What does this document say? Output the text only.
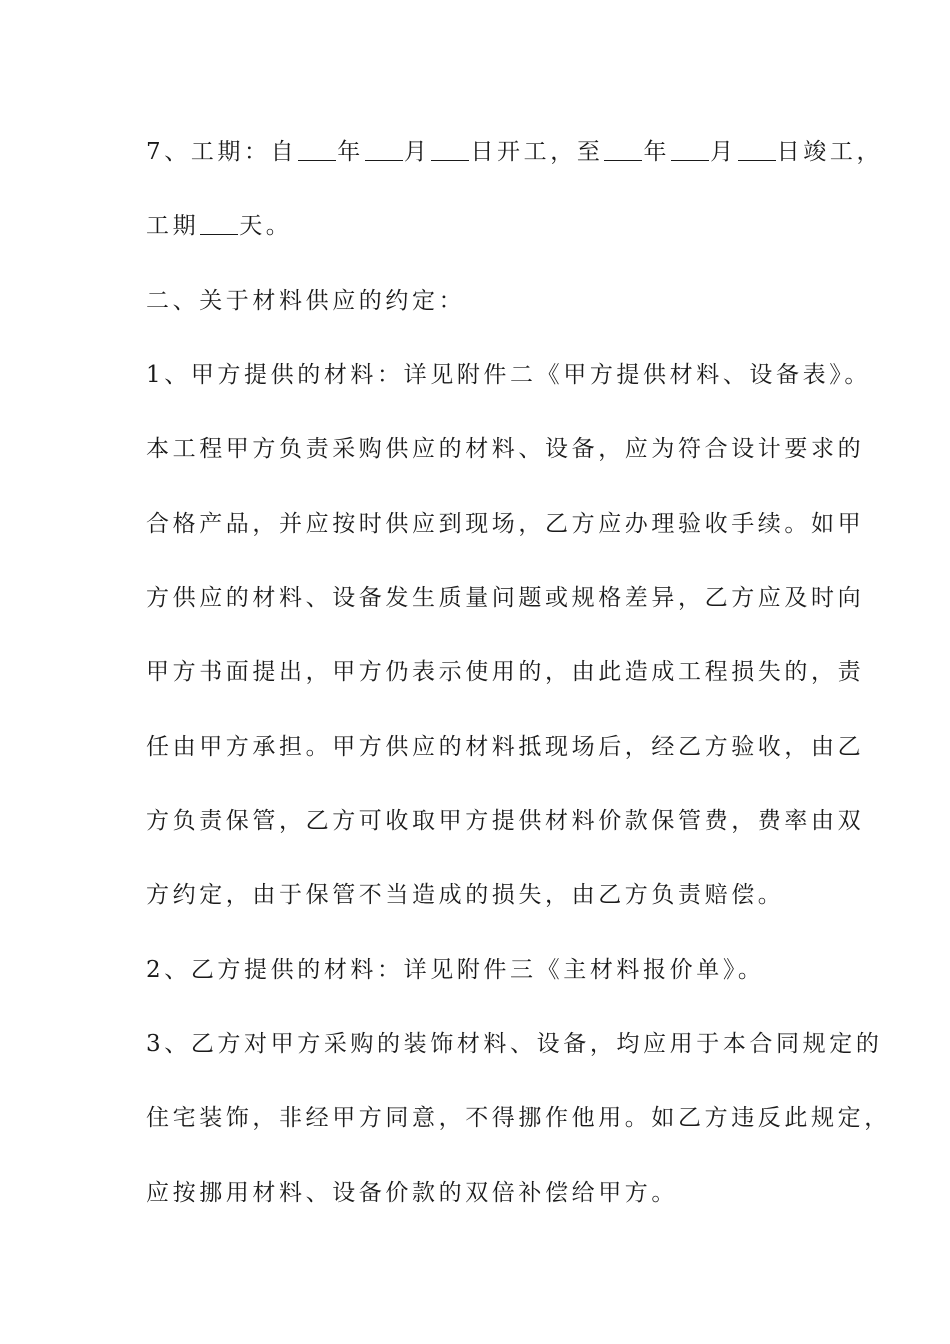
7、工期：自 年 月 日开工，至 年 月 日竣工，
工期 天。
二、关于材料供应的约定：
1、甲方提供的材料：详见附件二《甲方提供材料、设备表》。
本工程甲方负责采购供应的材料、设备，应为符合设计要求的
合格产品，并应按时供应到现场，乙方应办理验收手续。如甲
方供应的材料、设备发生质量问题或规格差异，乙方应及时向
甲方书面提出，甲方仍表示使用的，由此造成工程损失的，责
任由甲方承担。甲方供应的材料抵现场后，经乙方验收，由乙
方负责保管，乙方可收取甲方提供材料价款保管费，费率由双
方约定，由于保管不当造成的损失，由乙方负责赔偿。
2、乙方提供的材料：详见附件三《主材料报价单》。
3、乙方对甲方采购的装饰材料、设备，均应用于本合同规定的
住宅装饰，非经甲方同意，不得挪作他用。如乙方违反此规定，
应按挪用材料、设备价款的双倍补偿给甲方。
